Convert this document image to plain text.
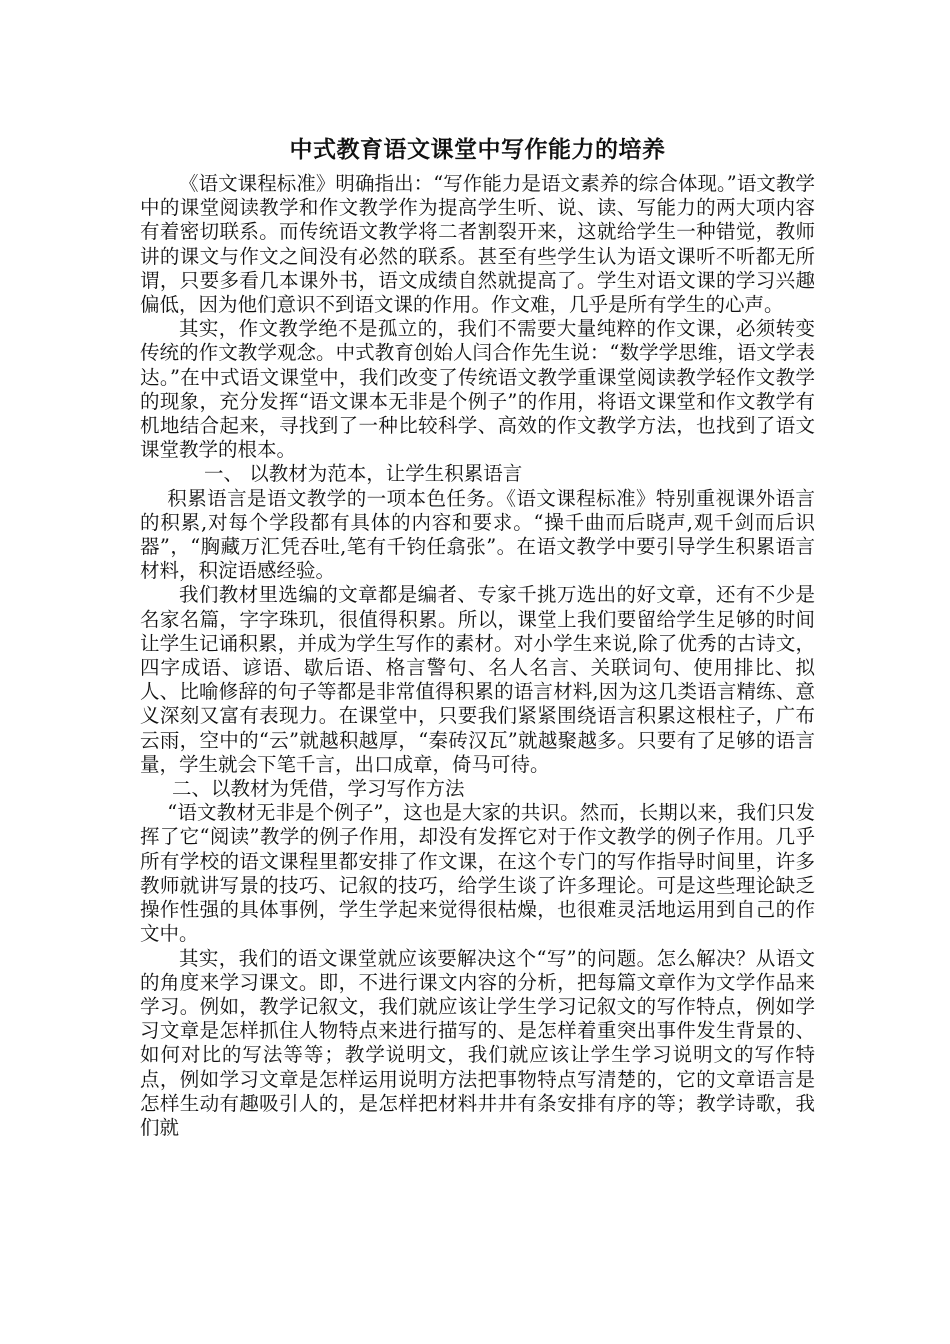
中式教育语文课堂中写作能力的培养

《语文课程标准》明确指出：“写作能力是语文素养的综合体现。”语文教学中的课堂阅读教学和作文教学作为提高学生听、说、读、写能力的两大项内容有着密切联系。而传统语文教学将二者割裂开来，这就给学生一种错觉，教师讲的课文与作文之间没有必然的联系。甚至有些学生认为语文课听不听都无所谓，只要多看几本课外书，语文成绩自然就提高了。学生对语文课的学习兴趣偏低，因为他们意识不到语文课的作用。作文难，几乎是所有学生的心声。

其实，作文教学绝不是孤立的，我们不需要大量纯粹的作文课，必须转变传统的作文教学观念。中式教育创始人闫合作先生说：“数学学思维，语文学表达。”在中式语文课堂中，我们改变了传统语文教学重课堂阅读教学轻作文教学的现象，充分发挥“语文课本无非是个例子”的作用，将语文课堂和作文教学有机地结合起来，寻找到了一种比较科学、高效的作文教学方法，也找到了语文课堂教学的根本。

一、 以教材为范本，让学生积累语言

积累语言是语文教学的一项本色任务。《语文课程标准》特别重视课外语言的积累,对每个学段都有具体的内容和要求。“操千曲而后晓声,观千剑而后识器”，“胸藏万汇凭吞吐,笔有千钧任翕张”。在语文教学中要引导学生积累语言材料，积淀语感经验。

我们教材里选编的文章都是编者、专家千挑万选出的好文章，还有不少是名家名篇，字字珠玑，很值得积累。所以，课堂上我们要留给学生足够的时间让学生记诵积累，并成为学生写作的素材。对小学生来说,除了优秀的古诗文， 四字成语、谚语、歇后语、格言警句、名人名言、关联词句、使用排比、拟人、比喻修辞的句子等都是非常值得积累的语言材料,因为这几类语言精练、意义深刻又富有表现力。在课堂中，只要我们紧紧围绕语言积累这根柱子，广布云雨，空中的“云”就越积越厚，“秦砖汉瓦”就越聚越多。只要有了足够的语言量，学生就会下笔千言，出口成章，倚马可待。

二、以教材为凭借，学习写作方法

“语文教材无非是个例子”，这也是大家的共识。然而，长期以来，我们只发挥了它“阅读”教学的例子作用，却没有发挥它对于作文教学的例子作用。几乎所有学校的语文课程里都安排了作文课，在这个专门的写作指导时间里，许多教师就讲写景的技巧、记叙的技巧，给学生谈了许多理论。可是这些理论缺乏操作性强的具体事例，学生学起来觉得很枯燥，也很难灵活地运用到自己的作文中。

其实，我们的语文课堂就应该要解决这个“写”的问题。怎么解决？从语文的角度来学习课文。即，不进行课文内容的分析，把每篇文章作为文学作品来学习。例如，教学记叙文，我们就应该让学生学习记叙文的写作特点，例如学习文章是怎样抓住人物特点来进行描写的、是怎样着重突出事件发生背景的、如何对比的写法等等；教学说明文，我们就应该让学生学习说明文的写作特点，例如学习文章是怎样运用说明方法把事物特点写清楚的，它的文章语言是怎样生动有趣吸引人的，是怎样把材料井井有条安排有序的等；教学诗歌，我们就
